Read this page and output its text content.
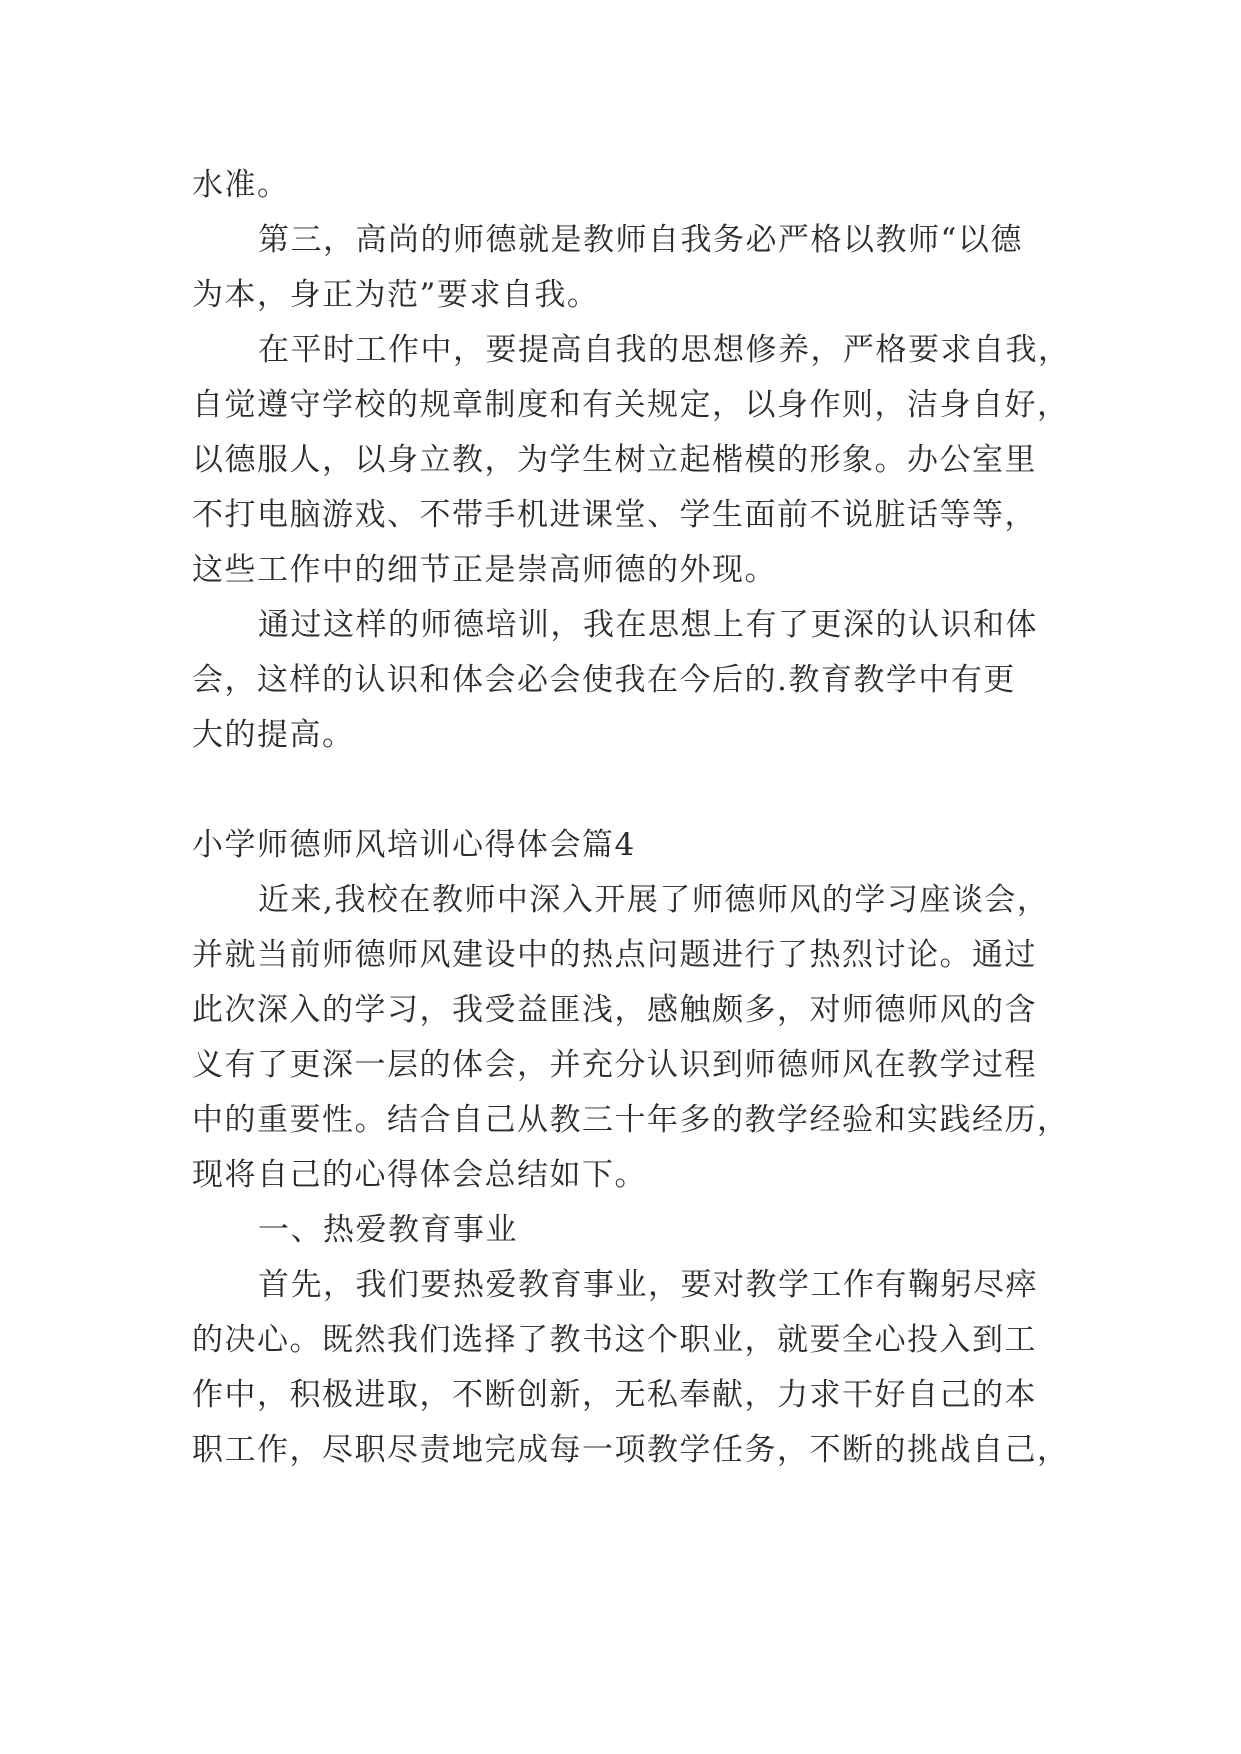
水准。
第三，高尚的师德就是教师自我务必严格以教师“以德
为本，身正为范”要求自我。
在平时工作中，要提高自我的思想修养，严格要求自我，
自觉遵守学校的规章制度和有关规定，以身作则，洁身自好，
以德服人，以身立教，为学生树立起楷模的形象。办公室里
不打电脑游戏、不带手机进课堂、学生面前不说脏话等等，
这些工作中的细节正是崇高师德的外现。
通过这样的师德培训，我在思想上有了更深的认识和体
会，这样的认识和体会必会使我在今后的.教育教学中有更
大的提高。
小学师德师风培训心得体会篇4
近来,我校在教师中深入开展了师德师风的学习座谈会，
并就当前师德师风建设中的热点问题进行了热烈讨论。通过
此次深入的学习，我受益匪浅，感触颇多，对师德师风的含
义有了更深一层的体会，并充分认识到师德师风在教学过程
中的重要性。结合自己从教三十年多的教学经验和实践经历，
现将自己的心得体会总结如下。
一、热爱教育事业
首先，我们要热爱教育事业，要对教学工作有鞠躬尽瘁
的决心。既然我们选择了教书这个职业，就要全心投入到工
作中，积极进取，不断创新，无私奉献，力求干好自己的本
职工作，尽职尽责地完成每一项教学任务，不断的挑战自己，
